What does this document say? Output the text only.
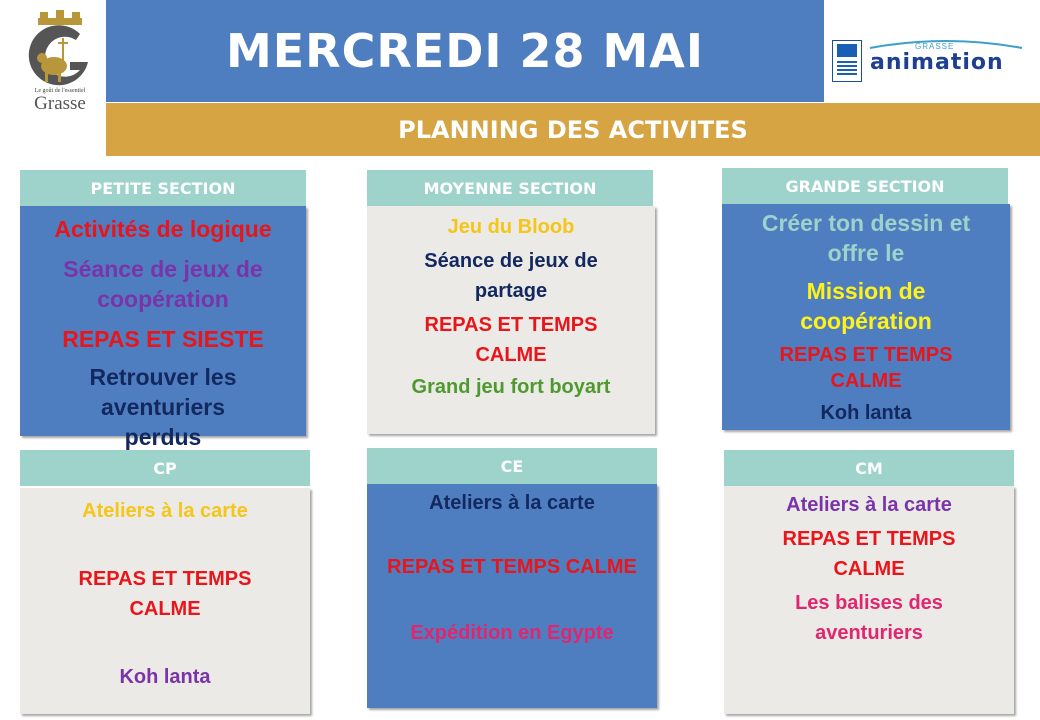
Le goût de l'essentiel
Grasse
MERCREDI 28 MAI	GRASSE
animation
PLANNING DES ACTIVITES
PETITE SECTION
Activités de logique
Séance de jeux de coopération
REPAS ET SIESTE
Retrouver les aventuriers perdus
MOYENNE SECTION
Jeu du Bloob
Séance de jeux de partage
REPAS ET TEMPS CALME
Grand jeu fort boyart
GRANDE SECTION
Créer ton dessin et offre le
Mission de coopération
REPAS ET TEMPS CALME
Koh lanta
CP
Ateliers à la carte
REPAS ET TEMPS CALME
Koh lanta
CE
Ateliers à la carte
REPAS ET TEMPS CALME
Expédition en Egypte
CM
Ateliers à la carte
REPAS ET TEMPS CALME
Les balises des aventuriers
